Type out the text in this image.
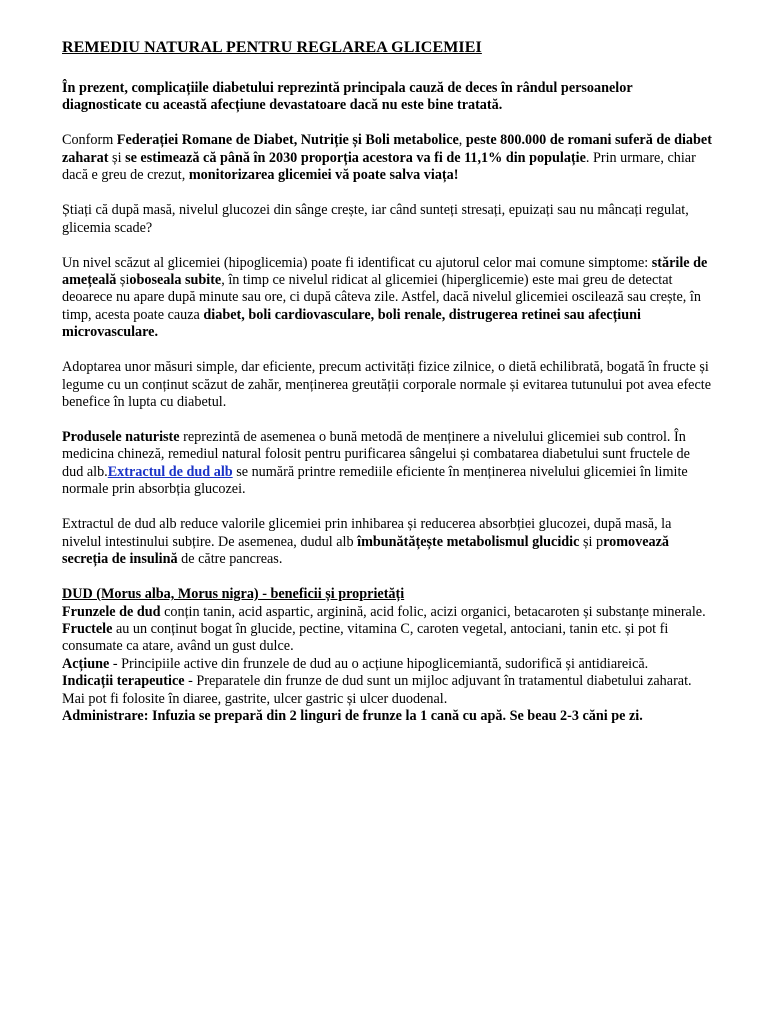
REMEDIU NATURAL PENTRU REGLAREA GLICEMIEI

În prezent, complicațiile diabetului reprezintă principala cauză de deces în rândul persoanelor diagnosticate cu această afecțiune devastatoare dacă nu este bine tratată.

Conform Federației Romane de Diabet, Nutriție și Boli metabolice, peste 800.000 de romani suferă de diabet zaharat și se estimează că până în 2030 proporția acestora va fi de 11,1% din populație. Prin urmare, chiar dacă e greu de crezut, monitorizarea glicemiei vă poate salva viața!

Știați că după masă, nivelul glucozei din sânge crește, iar când sunteți stresați, epuizați sau nu mâncați regulat, glicemia scade?

Un nivel scăzut al glicemiei (hipoglicemia) poate fi identificat cu ajutorul celor mai comune simptome: stările de amețeală șioboseala subite, în timp ce nivelul ridicat al glicemiei (hiperglicemie) este mai greu de detectat deoarece nu apare după minute sau ore, ci după câteva zile. Astfel, dacă nivelul glicemiei oscilează sau crește, în timp, acesta poate cauza diabet, boli cardiovasculare, boli renale, distrugerea retinei sau afecțiuni microvasculare.

Adoptarea unor măsuri simple, dar eficiente, precum activități fizice zilnice, o dietă echilibrată, bogată în fructe și legume cu un conținut scăzut de zahăr, menținerea greutății corporale normale și evitarea tutunului pot avea efecte benefice în lupta cu diabetul.

Produsele naturiste reprezintă de asemenea o bună metodă de menținere a nivelului glicemiei sub control. În medicina chineză, remediul natural folosit pentru purificarea sângelui și combatarea diabetului sunt fructele de dud alb.Extractul de dud alb se numără printre remediile eficiente în menținerea nivelului glicemiei în limite normale prin absorbția glucozei.

Extractul de dud alb reduce valorile glicemiei prin inhibarea și reducerea absorbției glucozei, după masă, la nivelul intestinului subțire. De asemenea, dudul alb îmbunătățește metabolismul glucidic și promovează secreția de insulină de către pancreas.

DUD (Morus alba, Morus nigra) - beneficii și proprietăți

Frunzele de dud conțin tanin, acid aspartic, arginină, acid folic, acizi organici, betacaroten și substanțe minerale.

Fructele au un conținut bogat în glucide, pectine, vitamina C, caroten vegetal, antociani, tanin etc. și pot fi consumate ca atare, având un gust dulce.

Acțiune - Principiile active din frunzele de dud au o acțiune hipoglicemiantă, sudorifică și antidiareică.

Indicații terapeutice - Preparatele din frunze de dud sunt un mijloc adjuvant în tratamentul diabetului zaharat. Mai pot fi folosite în diaree, gastrite, ulcer gastric și ulcer duodenal.

Administrare: Infuzia se prepară din 2 linguri de frunze la 1 cană cu apă. Se beau 2-3 căni pe zi.
